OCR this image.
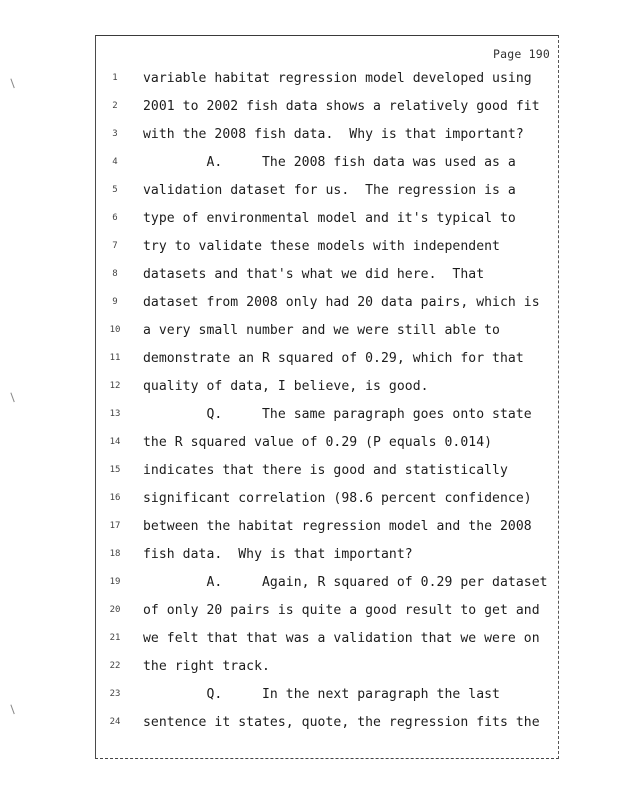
Page 190
1	variable habitat regression model developed using
2	2001 to 2002 fish data shows a relatively good fit
3	with the 2008 fish data.  Why is that important?
4	A.     The 2008 fish data was used as a
5	validation dataset for us.  The regression is a
6	type of environmental model and it's typical to
7	try to validate these models with independent
8	datasets and that's what we did here.  That
9	dataset from 2008 only had 20 data pairs, which is
10	a very small number and we were still able to
11	demonstrate an R squared of 0.29, which for that
12	quality of data, I believe, is good.
13	Q.     The same paragraph goes onto state
14	the R squared value of 0.29 (P equals 0.014)
15	indicates that there is good and statistically
16	significant correlation (98.6 percent confidence)
17	between the habitat regression model and the 2008
18	fish data.  Why is that important?
19	A.     Again, R squared of 0.29 per dataset
20	of only 20 pairs is quite a good result to get and
21	we felt that that was a validation that we were on
22	the right track.
23	Q.     In the next paragraph the last
24	sentence it states, quote, the regression fits the
